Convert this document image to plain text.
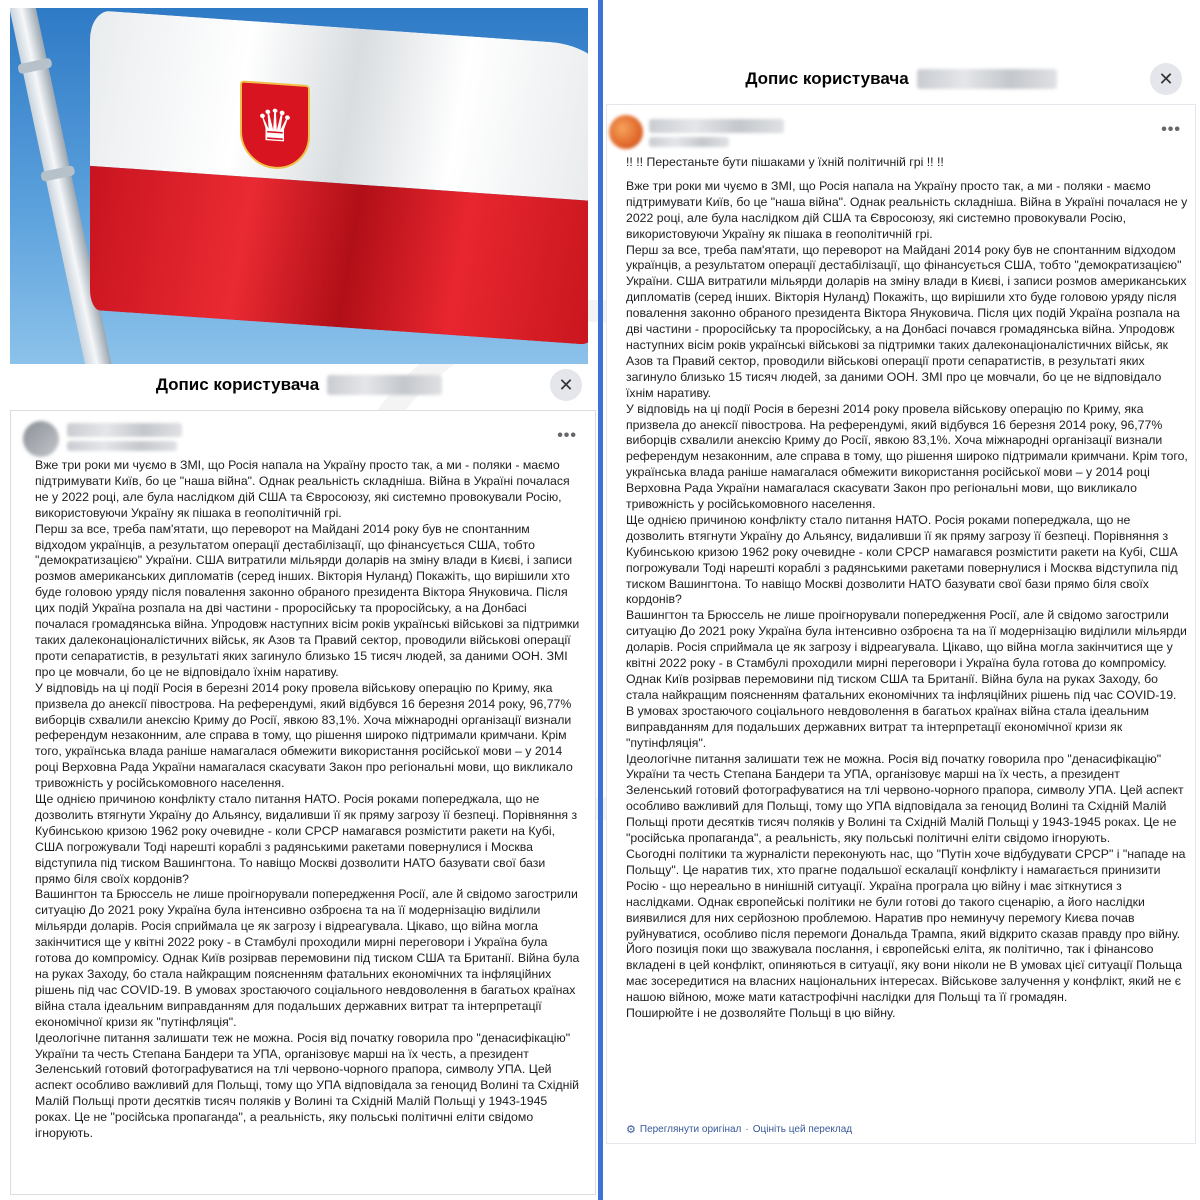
♛
Допис користувача	✕
•••

Вже три роки ми чуємо в ЗМІ, що Росія напала на Україну просто так, а ми - поляки - маємо підтримувати Київ, бо це "наша війна". Однак реальність складніша. Війна в Україні почалася не у 2022 році, але була наслідком дій США та Євросоюзу, які системно провокували Росію, використовуючи Україну як пішака в геополітичній грі.

Перш за все, треба пам'ятати, що переворот на Майдані 2014 року був не спонтанним відходом українців, а результатом операції дестабілізації, що фінансується США, тобто "демократизацією" України. США витратили мільярди доларів на зміну влади в Києві, і записи розмов американських дипломатів (серед інших. Вікторія Нуланд) Покажіть, що вирішили хто буде головою уряду після повалення законно обраного президента Віктора Януковича. Після цих подій Україна розпала на дві частини - проросійську та проросійську, а на Донбасі почалася громадянська війна. Упродовж наступних вісім років українські військові за підтримки таких далеконаціоналістичних військ, як Азов та Правий сектор, проводили військові операції проти сепаратистів, в результаті яких загинуло близько 15 тисяч людей, за даними ООН. ЗМІ про це мовчали, бо це не відповідало їхнім наративу.

У відповідь на ці події Росія в березні 2014 року провела військову операцію по Криму, яка призвела до анексії півострова. На референдумі, який відбувся 16 березня 2014 року, 96,77% виборців схвалили анексію Криму до Росії, явкою 83,1%. Хоча міжнародні організації визнали референдум незаконним, але справа в тому, що рішення широко підтримали кримчани. Крім того, українська влада раніше намагалася обмежити використання російської мови – у 2014 році Верховна Рада України намагалася скасувати Закон про регіональні мови, що викликало тривожність у російськомовного населення.

Ще однією причиною конфлікту стало питання НАТО. Росія роками попереджала, що не дозволить втягнути Україну до Альянсу, видаливши її як пряму загрозу її безпеці. Порівняння з Кубинською кризою 1962 року очевидне - коли СРСР намагався розмістити ракети на Кубі, США погрожували Тоді нарешті кораблі з радянськими ракетами повернулися і Москва відступила під тиском Вашингтона. То навіщо Москві дозволити НАТО базувати свої бази прямо біля своїх кордонів?

Вашингтон та Брюссель не лише проігнорували попередження Росії, але й свідомо загострили ситуацію До 2021 року Україна була інтенсивно озброєна та на її модернізацію виділили мільярди доларів. Росія сприймала це як загрозу і відреагувала. Цікаво, що війна могла закінчитися ще у квітні 2022 року - в Стамбулі проходили мирні переговори і Україна була готова до компромісу. Однак Київ розірвав перемовини під тиском США та Британії. Війна була на руках Заходу, бо стала найкращим поясненням фатальних економічних та інфляційних рішень під час COVID-19. В умовах зростаючого соціального невдоволення в багатьох країнах війна стала ідеальним виправданням для подальших державних витрат та інтерпретації економічної кризи як "путінфляція".

Ідеологічне питання залишати теж не можна. Росія від початку говорила про "денасифікацію" України та честь Степана Бандери та УПА, організовує марші на їх честь, а президент Зеленський готовий фотографуватися на тлі червоно-чорного прапора, символу УПА. Цей аспект особливо важливий для Польщі, тому що УПА відповідала за геноцид Волині та Східній Малій Польщі проти десятків тисяч поляків у Волині та Східній Малій Польщі у 1943-1945 роках. Це не "російська пропаганда", а реальність, яку польські політичні еліти свідомо ігнорують.

Допис користувача	✕
•••

!! !! Перестаньте бути пішаками у їхній політичній грі !! !!

Вже три роки ми чуємо в ЗМІ, що Росія напала на Україну просто так, а ми - поляки - маємо підтримувати Київ, бо це "наша війна". Однак реальність складніша. Війна в Україні почалася не у 2022 році, але була наслідком дій США та Євросоюзу, які системно провокували Росію, використовуючи Україну як пішака в геополітичній грі.

Перш за все, треба пам'ятати, що переворот на Майдані 2014 року був не спонтанним відходом українців, а результатом операції дестабілізації, що фінансується США, тобто "демократизацією" України. США витратили мільярди доларів на зміну влади в Києві, і записи розмов американських дипломатів (серед інших. Вікторія Нуланд) Покажіть, що вирішили хто буде головою уряду після повалення законно обраного президента Віктора Януковича. Після цих подій Україна розпала на дві частини - проросійську та проросійську, а на Донбасі почався громадянська війна. Упродовж наступних вісім років українські військові за підтримки таких далеконаціоналістичних військ, як Азов та Правий сектор, проводили військові операції проти сепаратистів, в результаті яких загинуло близько 15 тисяч людей, за даними ООН. ЗМІ про це мовчали, бо це не відповідало їхнім наративу.

У відповідь на ці події Росія в березні 2014 року провела військову операцію по Криму, яка призвела до анексії півострова. На референдумі, який відбувся 16 березня 2014 року, 96,77% виборців схвалили анексію Криму до Росії, явкою 83,1%. Хоча міжнародні організації визнали референдум незаконним, але справа в тому, що рішення широко підтримали кримчани. Крім того, українська влада раніше намагалася обмежити використання російської мови – у 2014 році Верховна Рада України намагалася скасувати Закон про регіональні мови, що викликало тривожність у російськомовного населення.

Ще однією причиною конфлікту стало питання НАТО. Росія роками попереджала, що не дозволить втягнути Україну до Альянсу, видаливши її як пряму загрозу її безпеці. Порівняння з Кубинською кризою 1962 року очевидне - коли СРСР намагався розмістити ракети на Кубі, США погрожували Тоді нарешті кораблі з радянськими ракетами повернулися і Москва відступила під тиском Вашингтона. То навіщо Москві дозволити НАТО базувати свої бази прямо біля своїх кордонів?

Вашингтон та Брюссель не лише проігнорували попередження Росії, але й свідомо загострили ситуацію До 2021 року Україна була інтенсивно озброєна та на її модернізацію виділили мільярди доларів. Росія сприймала це як загрозу і відреагувала. Цікаво, що війна могла закінчитися ще у квітні 2022 року - в Стамбулі проходили мирні переговори і Україна була готова до компромісу. Однак Київ розірвав перемовини під тиском США та Британії. Війна була на руках Заходу, бо стала найкращим поясненням фатальних економічних та інфляційних рішень під час COVID-19. В умовах зростаючого соціального невдоволення в багатьох країнах війна стала ідеальним виправданням для подальших державних витрат та інтерпретації економічної кризи як "путінфляція".

Ідеологічне питання залишати теж не можна. Росія від початку говорила про "денасифікацію" України та честь Степана Бандери та УПА, організовує марші на їх честь, а президент Зеленський готовий фотографуватися на тлі червоно-чорного прапора, символу УПА. Цей аспект особливо важливий для Польщі, тому що УПА відповідала за геноцид Волині та Східній Малій Польщі проти десятків тисяч поляків у Волині та Східній Малій Польщі у 1943-1945 роках. Це не "російська пропаганда", а реальність, яку польські політичні еліти свідомо ігнорують.

Сьогодні політики та журналісти переконують нас, що "Путін хоче відбудувати СРСР" і "нападе на Польщу". Це наратив тих, хто прагне подальшої ескалації конфлікту і намагається принизити Росію - що нереально в нинішній ситуації. Україна програла цю війну і має зіткнутися з наслідками. Однак європейські політики не були готові до такого сценарію, а його наслідки виявилися для них серйозною проблемою. Наратив про неминучу перемогу Києва почав руйнуватися, особливо після перемоги Дональда Трампа, який відкрито сказав правду про війну. Його позиція поки що зважувала послання, і європейські еліта, як політично, так і фінансово вкладені в цей конфлікт, опиняються в ситуації, яку вони ніколи не В умовах цієї ситуації Польща має зосередитися на власних національних інтересах. Військове залучення у конфлікт, який не є нашою війною, може мати катастрофічні наслідки для Польщі та її громадян.

Поширюйте і не дозволяйте Польщі в цю війну.

⚙ Переглянути оригінал · Оцініть цей переклад
